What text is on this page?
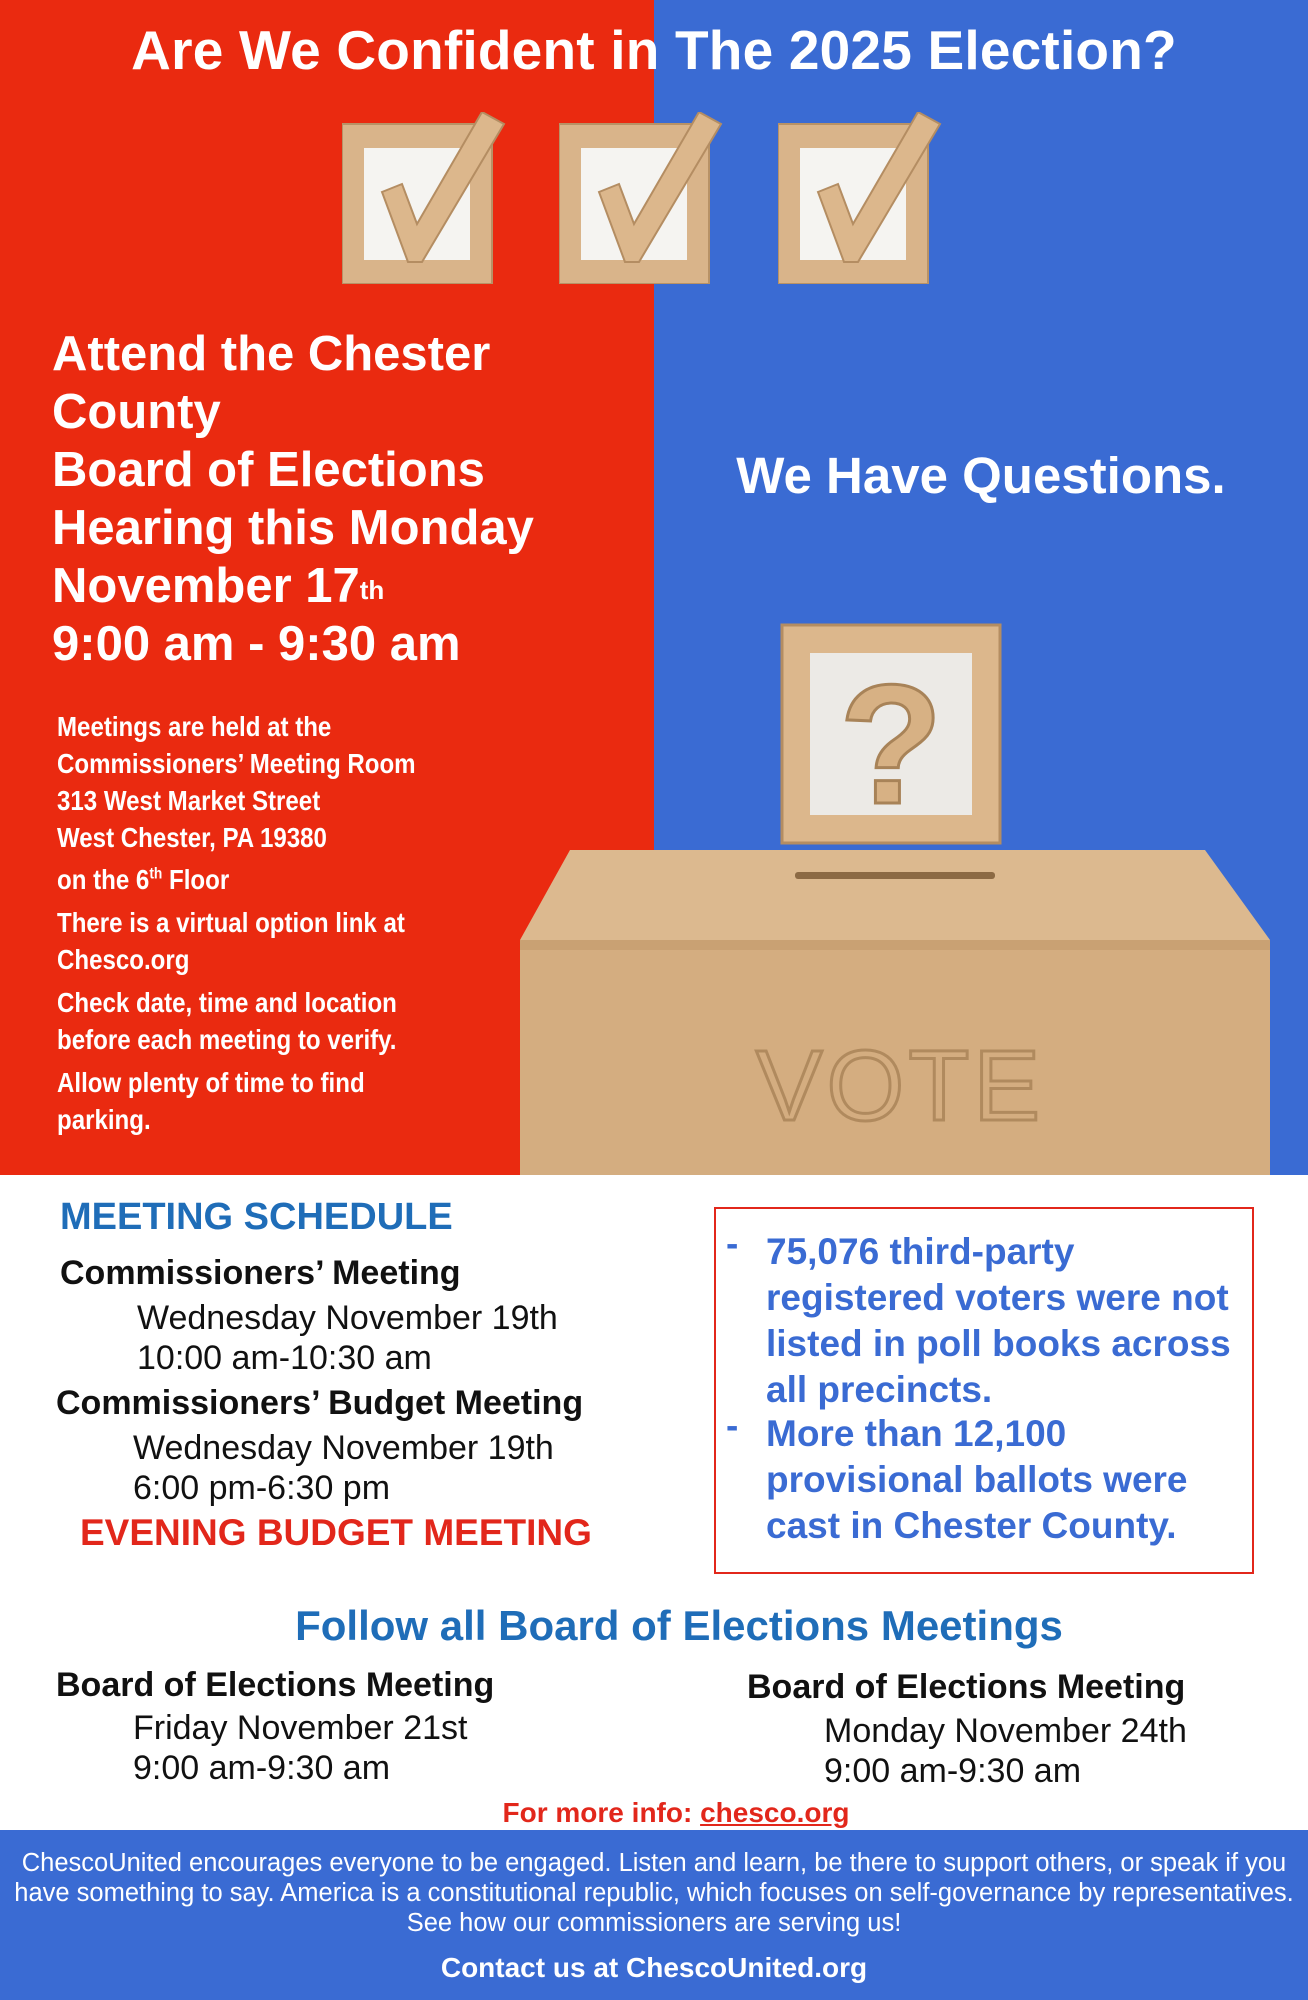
Are We Confident in The 2025 Election?
Attend the Chester
County
Board of Elections
Hearing this Monday
November 17th
9:00 am - 9:30 am
We Have Questions.

Meetings are held at the
Commissioners’ Meeting Room
313 West Market Street
West Chester, PA 19380
on the 6th Floor

There is a virtual option link at
Chesco.org

Check date, time and location
before each meeting to verify.

Allow plenty of time to find
parking.

?
VOTE
MEETING SCHEDULE
Commissioners’ Meeting
Wednesday November 19th
10:00 am-10:30 am
Commissioners’ Budget Meeting
Wednesday November 19th
6:00 pm-6:30 pm
EVENING BUDGET MEETING
- 75,076 third-party registered voters were not listed in poll books across all precincts.
- More than 12,100 provisional ballots were cast in Chester County.
Follow all Board of Elections Meetings
Board of Elections Meeting
Friday November 21st
9:00 am-9:30 am
Board of Elections Meeting
Monday November 24th
9:00 am-9:30 am
For more info: chesco.org
ChescoUnited encourages everyone to be engaged. Listen and learn, be there to support others, or speak if you have something to say. America is a constitutional republic, which focuses on self-governance by representatives. See how our commissioners are serving us!
Contact us at ChescoUnited.org
